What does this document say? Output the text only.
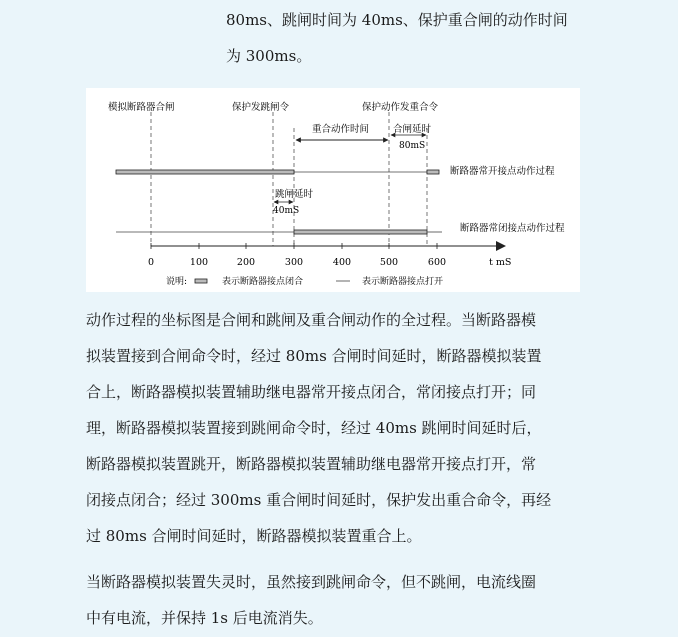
80ms、跳闸时间为 40ms、保护重合闸的动作时间
为 300ms。
模拟断路器合闸	保护发跳闸令	保护动作发重合令
重合动作时间	合闸延时
80mS
断路器常开接点动作过程
跳闸延时
40mS
断路器常闭接点动作过程
0	100	200	300	400	500	600	t mS
说明:	表示断路器接点闭合	表示断路器接点打开
动作过程的坐标图是合闸和跳闸及重合闸动作的全过程。当断路器模
拟装置接到合闸命令时，经过 80ms 合闸时间延时，断路器模拟装置
合上，断路器模拟装置辅助继电器常开接点闭合，常闭接点打开；同
理，断路器模拟装置接到跳闸命令时，经过 40ms 跳闸时间延时后，
断路器模拟装置跳开，断路器模拟装置辅助继电器常开接点打开，常
闭接点闭合；经过 300ms 重合闸时间延时，保护发出重合命令，再经
过 80ms 合闸时间延时，断路器模拟装置重合上。
当断路器模拟装置失灵时，虽然接到跳闸命令，但不跳闸，电流线圈
中有电流，并保持 1s 后电流消失。
